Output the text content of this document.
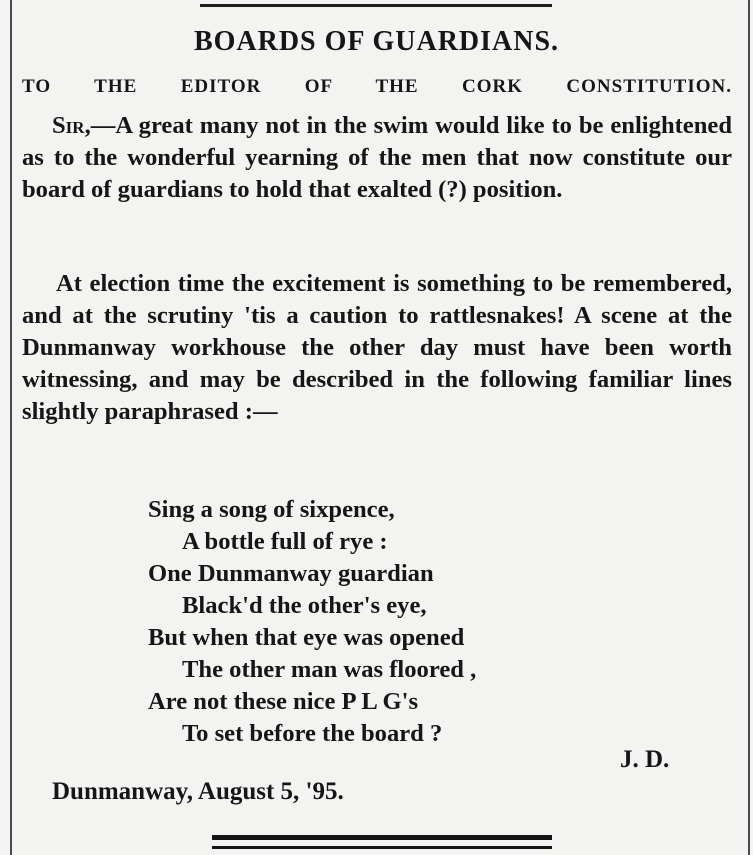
BOARDS OF GUARDIANS.
TO THE EDITOR OF THE CORK CONSTITUTION.
Sir,—A great many not in the swim would like to be enlightened as to the wonderful yearning of the men that now constitute our board of guardians to hold that exalted (?) position.
At election time the excitement is something to be remembered, and at the scrutiny 'tis a caution to rattlesnakes! A scene at the Dunmanway workhouse the other day must have been worth witnessing, and may be described in the following familiar lines slightly paraphrased :—
Sing a song of sixpence,
A bottle full of rye :
One Dunmanway guardian
Black'd the other's eye,
But when that eye was opened
The other man was floored ,
Are not these nice P L G's
To set before the board ?
J. D.
Dunmanway, August 5, '95.
